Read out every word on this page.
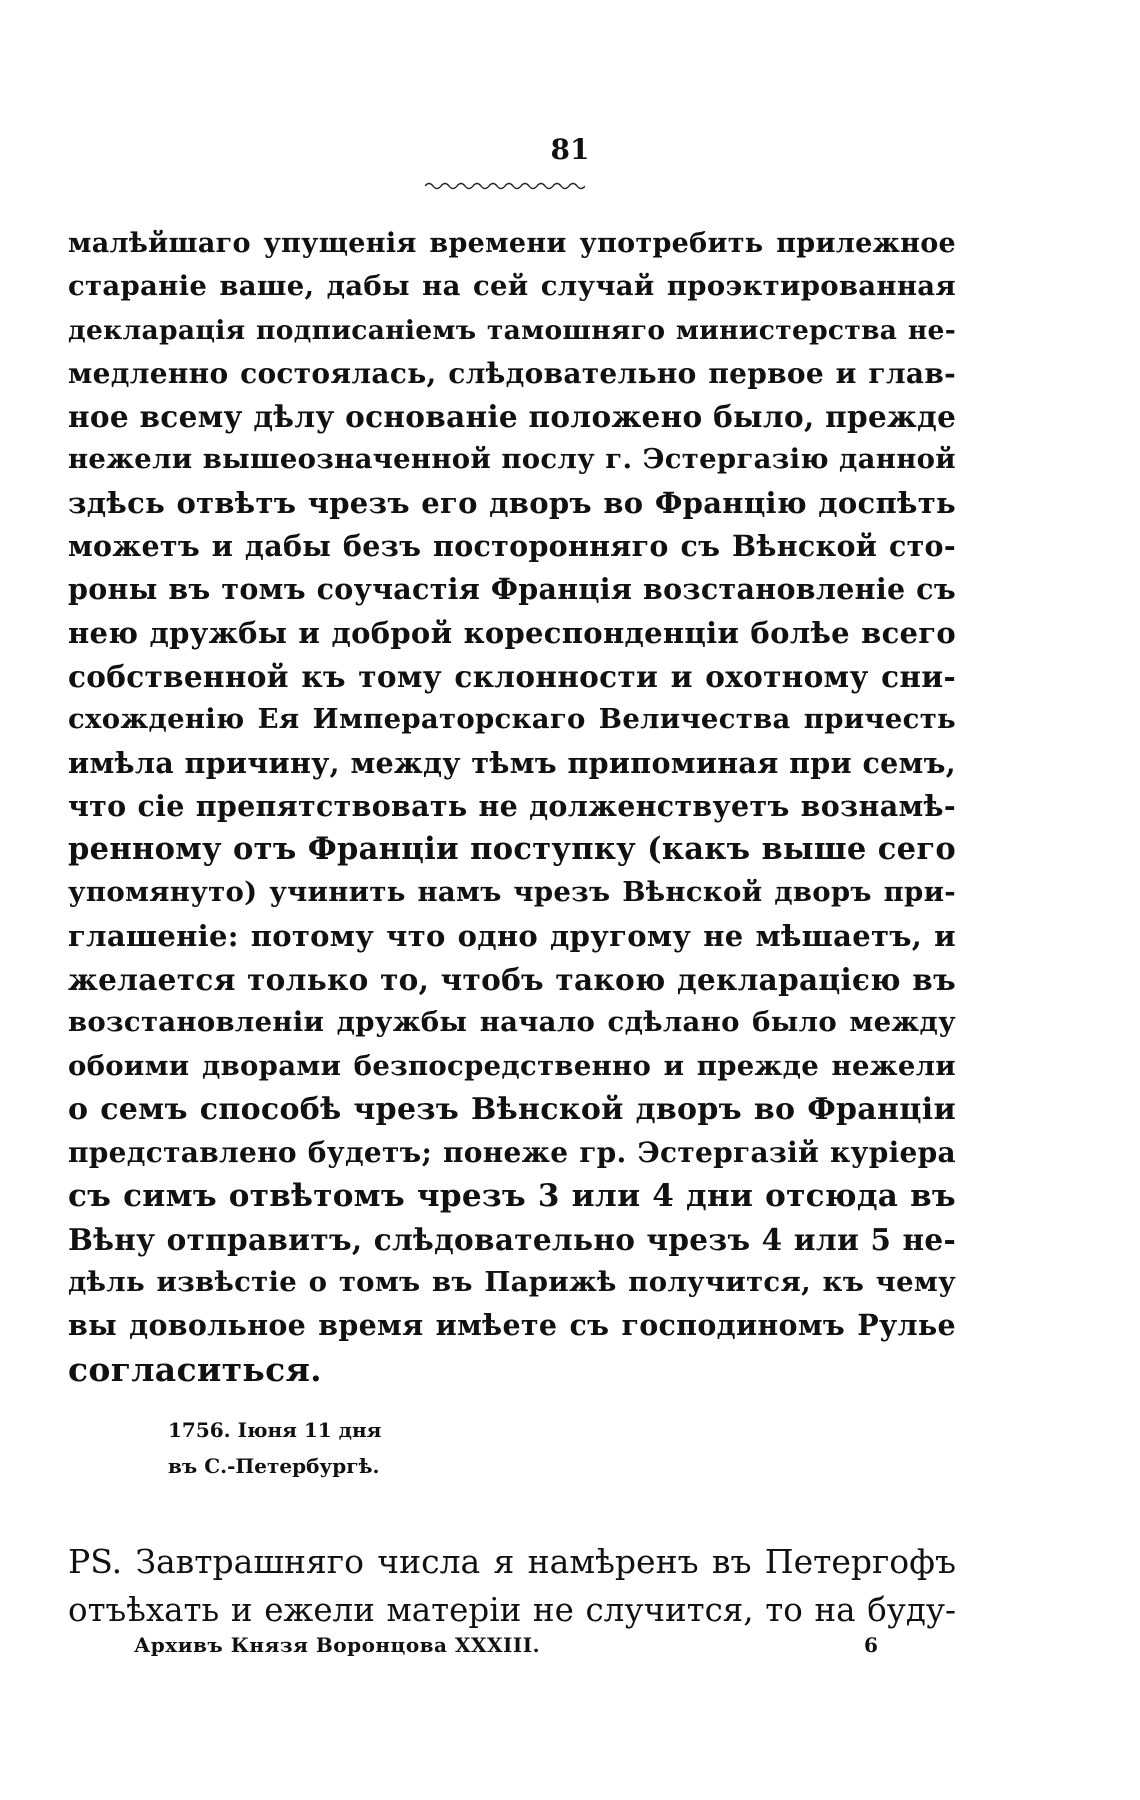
81
малѣйшаго упущенія времени употребить прилежное
стараніе ваше, дабы на сей случай проэктированная
декларація подписаніемъ тамошняго министерства не-
медленно состоялась, слѣдовательно первое и глав-
ное всему дѣлу основаніе положено было, прежде
нежели вышеозначенной послу г. Эстергазію данной
здѣсь отвѣтъ чрезъ его дворъ во Францію доспѣть
можетъ и дабы безъ посторонняго съ Вѣнской сто-
роны въ томъ соучастія Франція возстановленіе съ
нею дружбы и доброй кореспонденціи болѣе всего
собственной къ тому склонности и охотному сни-
схожденію Ея Императорскаго Величества причесть
имѣла причину, между тѣмъ припоминая при семъ,
что сіе препятствовать не долженствуетъ вознамѣ-
ренному отъ Франціи поступку (какъ выше сего
упомянуто) учинить намъ чрезъ Вѣнской дворъ при-
глашеніе: потому что одно другому не мѣшаетъ, и
желается только то, чтобъ такою декларацією въ
возстановленіи дружбы начало сдѣлано было между
обоими дворами безпосредственно и прежде нежели
о семъ способѣ чрезъ Вѣнской дворъ во Франціи
представлено будетъ; понеже гр. Эстергазій куріера
съ симъ отвѣтомъ чрезъ 3 или 4 дни отсюда въ
Вѣну отправитъ, слѣдовательно чрезъ 4 или 5 не-
дѣль извѣстіе о томъ въ Парижѣ получится, къ чему
вы довольное время имѣете съ господиномъ Рулье
согласиться.
1756. Іюня 11 дня
въ С.-Петербургѣ.
PS. Завтрашняго числа я намѣренъ въ Петергофъ
отъѣхать и ежели матеріи не случится, то на буду-
Архивъ Князя Воронцова XXXIII.	6
